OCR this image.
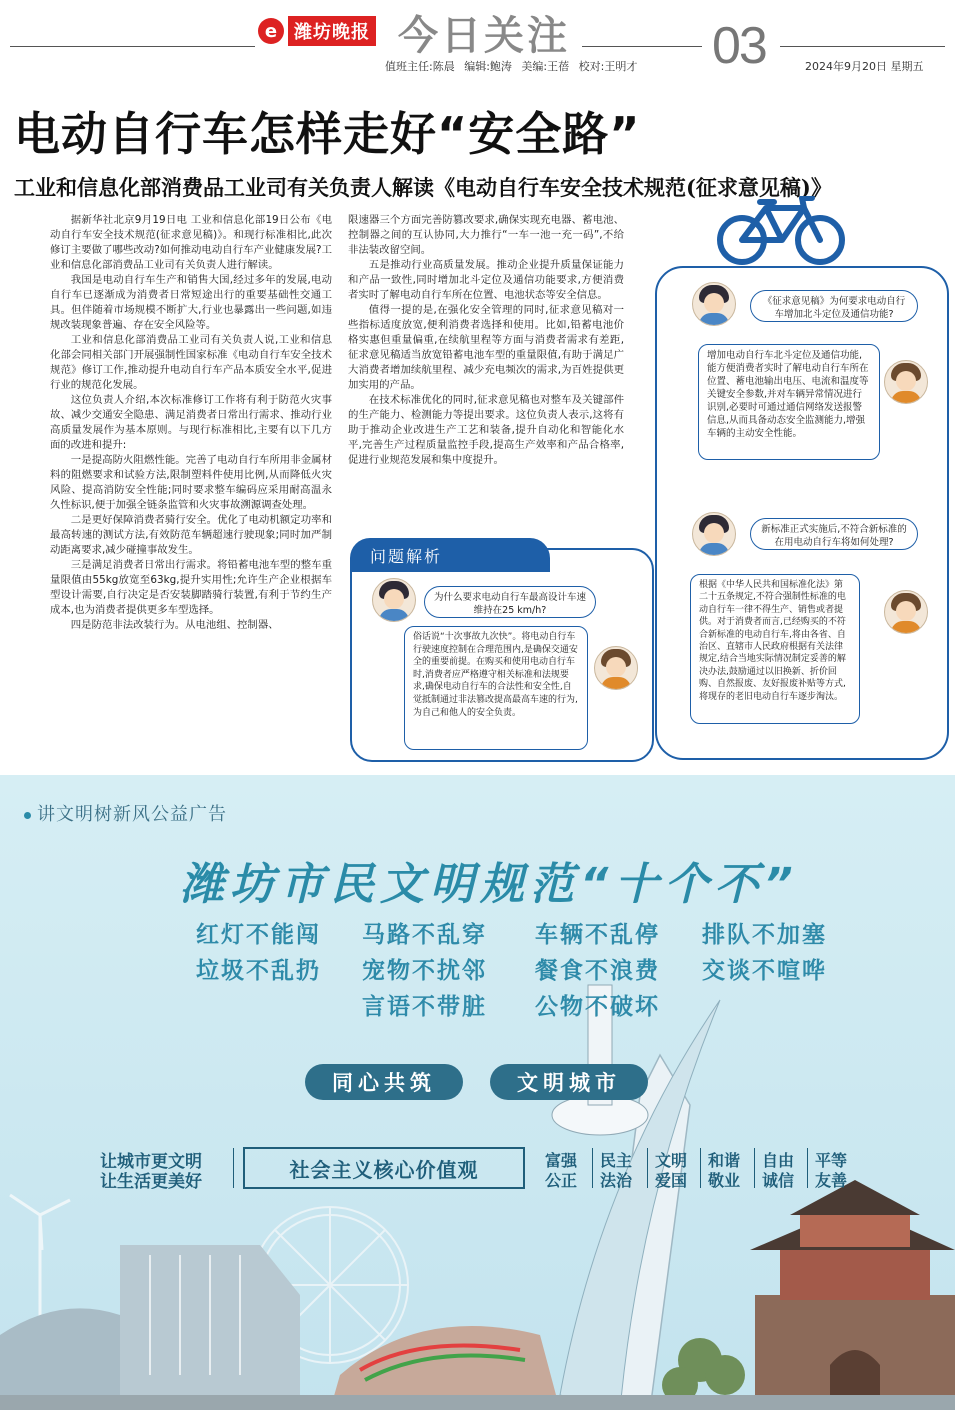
e 潍坊晚报 今日关注	03
值班主任:陈晨 编辑:鲍涛 美编:王蓓 校对:王明才	2024年9月20日 星期五
电动自行车怎样走好“安全路”
工业和信息化部消费品工业司有关负责人解读《电动自行车安全技术规范(征求意见稿)》

据新华社北京9月19日电 工业和信息化部19日公布《电动自行车安全技术规范(征求意见稿)》。和现行标准相比,此次修订主要做了哪些改动?如何推动电动自行车产业健康发展?工业和信息化部消费品工业司有关负责人进行解读。

我国是电动自行车生产和销售大国,经过多年的发展,电动自行车已逐渐成为消费者日常短途出行的重要基础性交通工具。但伴随着市场规模不断扩大,行业也暴露出一些问题,如违规改装现象普遍、存在安全风险等。

工业和信息化部消费品工业司有关负责人说,工业和信息化部会同相关部门开展强制性国家标准《电动自行车安全技术规范》修订工作,推动提升电动自行车产品本质安全水平,促进行业的规范化发展。

这位负责人介绍,本次标准修订工作将有利于防范火灾事故、减少交通安全隐患、满足消费者日常出行需求、推动行业高质量发展作为基本原则。与现行标准相比,主要有以下几方面的改进和提升:

一是提高防火阻燃性能。完善了电动自行车所用非金属材料的阻燃要求和试验方法,限制塑料件使用比例,从而降低火灾风险、提高消防安全性能;同时要求整车编码应采用耐高温永久性标识,便于加强全链条监管和火灾事故溯源调查处理。

二是更好保障消费者骑行安全。优化了电动机额定功率和最高转速的测试方法,有效防范车辆超速行驶现象;同时加严制动距离要求,减少碰撞事故发生。

三是满足消费者日常出行需求。将铅蓄电池车型的整车重量限值由55kg放宽至63kg,提升实用性;允许生产企业根据车型设计需要,自行决定是否安装脚踏骑行装置,有利于节约生产成本,也为消费者提供更多车型选择。

四是防范非法改装行为。从电池组、控制器、

限速器三个方面完善防篡改要求,确保实现充电器、蓄电池、控制器之间的互认协同,大力推行“一车一池一充一码”,不给非法装改留空间。

五是推动行业高质量发展。推动企业提升质量保证能力和产品一致性,同时增加北斗定位及通信功能要求,方便消费者实时了解电动自行车所在位置、电池状态等安全信息。

值得一提的是,在强化安全管理的同时,征求意见稿对一些指标适度放宽,便利消费者选择和使用。比如,铅蓄电池价格实惠但重量偏重,在续航里程等方面与消费者需求有差距,征求意见稿适当放宽铅蓄电池车型的重量限值,有助于满足广大消费者增加续航里程、减少充电频次的需求,为百姓提供更加实用的产品。

在技术标准优化的同时,征求意见稿也对整车及关键部件的生产能力、检测能力等提出要求。这位负责人表示,这将有助于推动企业改进生产工艺和装备,提升自动化和智能化水平,完善生产过程质量监控手段,提高生产效率和产品合格率,促进行业规范发展和集中度提升。

《征求意见稿》为何要求电动自行车增加北斗定位及通信功能?
增加电动自行车北斗定位及通信功能,能方便消费者实时了解电动自行车所在位置、蓄电池输出电压、电流和温度等关键安全参数,并对车辆异常情况进行识别,必要时可通过通信网络发送报警信息,从而具备动态安全监测能力,增强车辆的主动安全性能。
新标准正式实施后,不符合新标准的在用电动自行车将如何处理?
根据《中华人民共和国标准化法》第二十五条规定,不符合强制性标准的电动自行车一律不得生产、销售或者提供。对于消费者而言,已经购买的不符合新标准的电动自行车,将由各省、自治区、直辖市人民政府根据有关法律规定,结合当地实际情况制定妥善的解决办法,鼓励通过以旧换新、折价回购、自然报废、友好报废补贴等方式,将现存的老旧电动自行车逐步淘汰。
问题解析
为什么要求电动自行车最高设计车速维持在25 km/h?
俗话说“十次事故九次快”。将电动自行车行驶速度控制在合理范围内,是确保交通安全的重要前提。在购买和使用电动自行车时,消费者应严格遵守相关标准和法规要求,确保电动自行车的合法性和安全性,自觉抵制通过非法篡改提高最高车速的行为,为自己和他人的安全负责。
讲文明树新风公益广告
潍坊市民文明规范“十个不”
红灯不能闯 马路不乱穿 车辆不乱停 排队不加塞
垃圾不乱扔 宠物不扰邻 餐食不浪费 交谈不喧哗
言语不带脏 公物不破坏
同心共筑	文明城市
让城市更文明
让生活更美好
社会主义核心价值观	富强 民主 文明 和谐 自由 平等
公正 法治 爱国 敬业 诚信 友善
